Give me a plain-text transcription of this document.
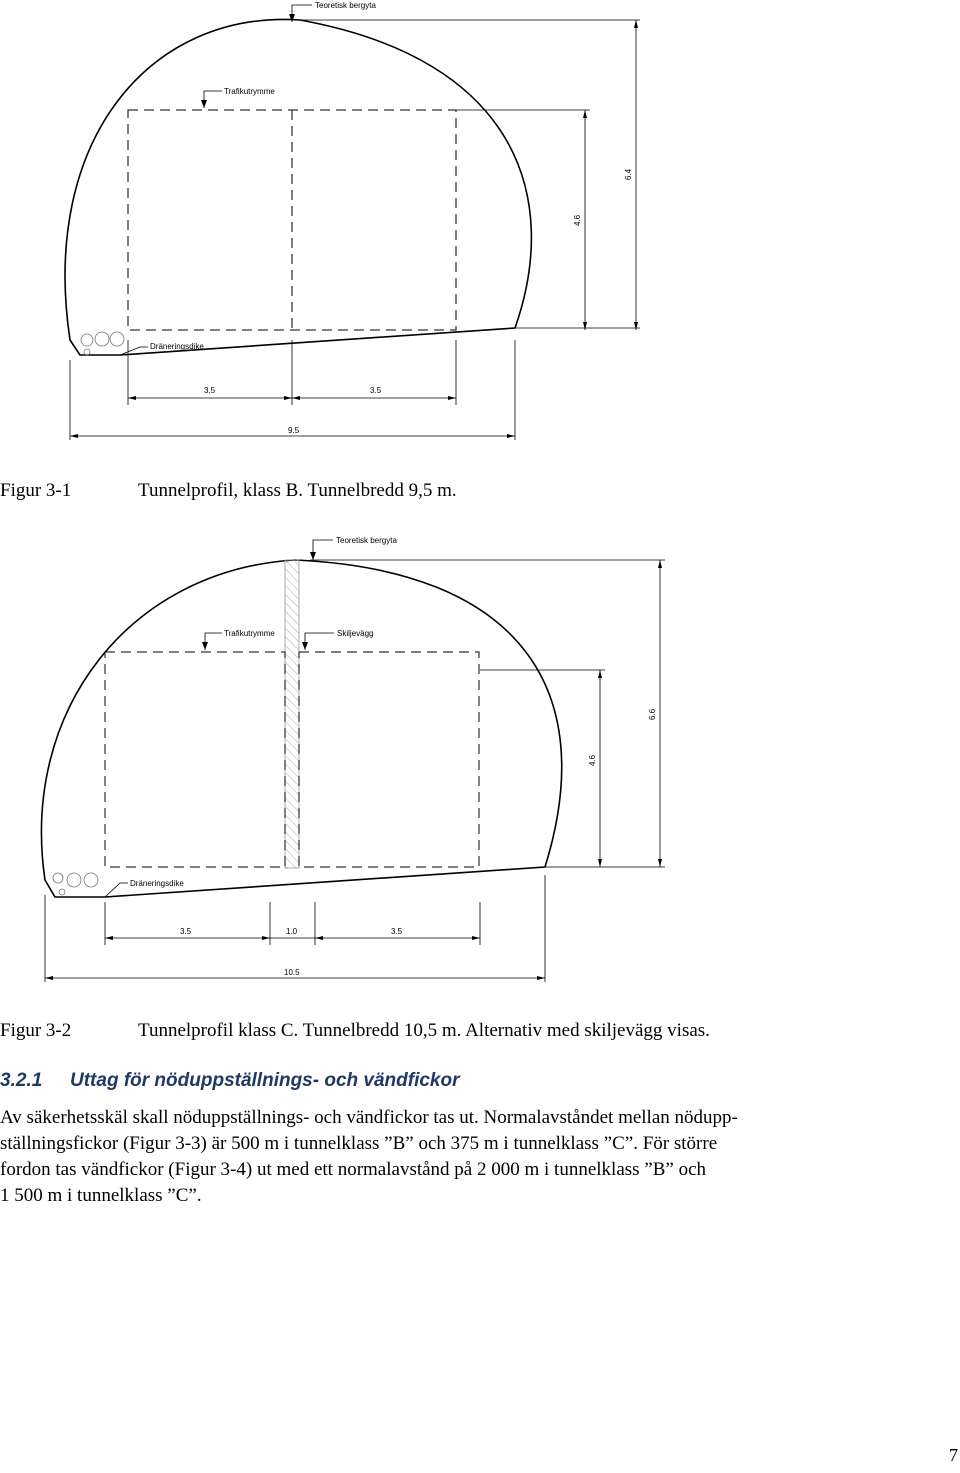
Teoretisk bergyta
Trafikutrymme
Dräneringsdike
3.5	3.5
9.5
4.6
6.4
Figur 3-1	Tunnelprofil, klass B. Tunnelbredd 9,5 m.
Teoretisk bergyta
Trafikutrymme	Skiljevägg
Dräneringsdike
3.5	1.0	3.5
10.5
4.6
6.6
Figur 3-2	Tunnelprofil klass C. Tunnelbredd 10,5 m. Alternativ med skiljevägg visas.
3.2.1 Uttag för nöduppställnings- och vändfickor
Av säkerhetsskäl skall nöduppställnings- och vändfickor tas ut. Normalavståndet mellan nödupp-
ställningsfickor (Figur 3-3) är 500 m i tunnelklass ”B” och 375 m i tunnelklass ”C”. För större
fordon tas vändfickor (Figur 3-4) ut med ett normalavstånd på 2 000 m i tunnelklass ”B” och
1 500 m i tunnelklass ”C”.
7
